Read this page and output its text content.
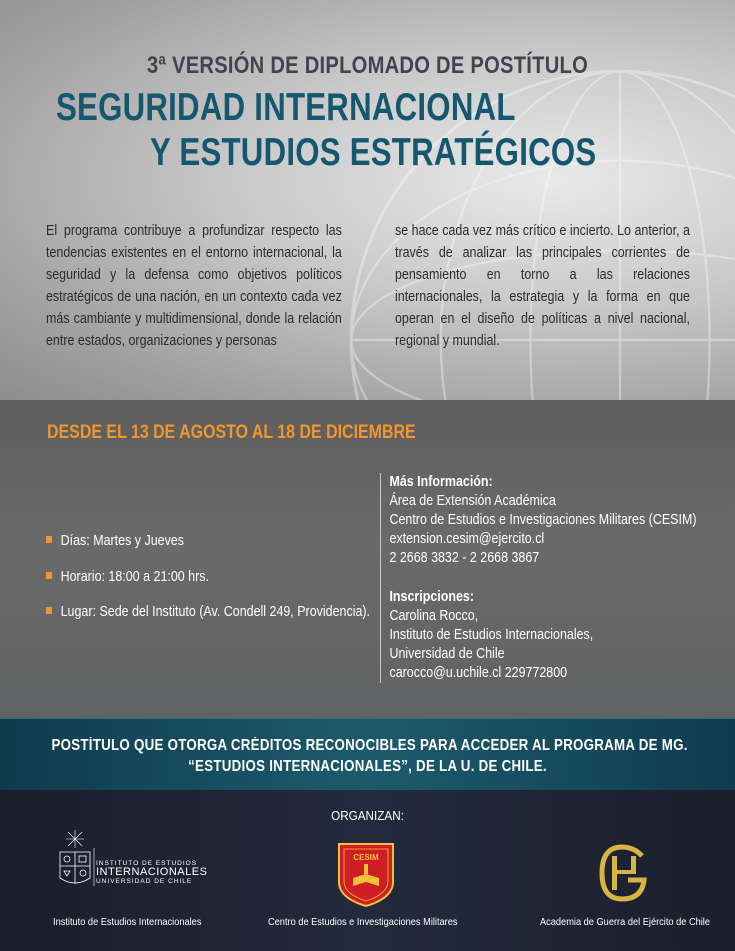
3ª VERSIÓN DE DIPLOMADO DE POSTÍTULO
SEGURIDAD INTERNACIONAL
Y ESTUDIOS ESTRATÉGICOS
El programa contribuye a profundizar respecto las tendencias existentes en el entorno internacional, la seguridad y la defensa como objetivos políticos estratégicos de una nación, en un contexto cada vez más cambiante y multidimensional, donde la relación entre estados, organizaciones y personas
se hace cada vez más crítico e incierto. Lo anterior, a través de analizar las principales corrientes de pensamiento en torno a las relaciones internacionales, la estrategia y la forma en que operan en el diseño de políticas a nivel nacional, regional y mundial.
DESDE EL 13 DE AGOSTO AL 18 DE DICIEMBRE
Días: Martes y Jueves
Horario: 18:00 a 21:00 hrs.
Lugar: Sede del Instituto (Av. Condell 249, Providencia).
Más Información:
Área de Extensión Académica
Centro de Estudios e Investigaciones Militares (CESIM)
extension.cesim@ejercito.cl
2 2668 3832 - 2 2668 3867
Inscripciones:
Carolina Rocco,
Instituto de Estudios Internacionales,
Universidad de Chile
carocco@u.uchile.cl 229772800
POSTÍTULO QUE OTORGA CRÉDITOS RECONOCIBLES PARA ACCEDER AL PROGRAMA DE MG.
“ESTUDIOS INTERNACIONALES”, DE LA U. DE CHILE.
ORGANIZAN:
INSTITUTO DE ESTUDIOS
INTERNACIONALES
UNIVERSIDAD DE CHILE
Instituto de Estudios Internacionales
CESIM
Centro de Estudios e Investigaciones Militares	Academia de Guerra del Ejército de Chile
